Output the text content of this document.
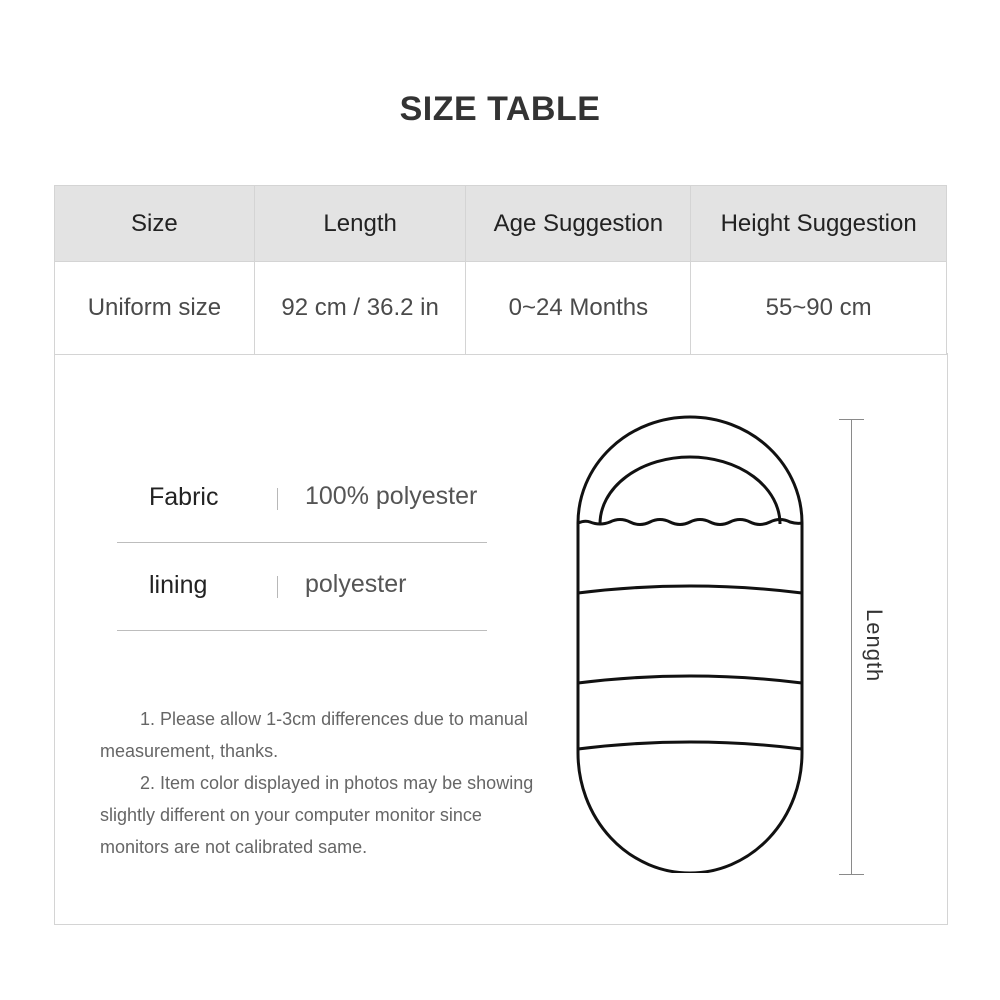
SIZE TABLE
Size	Length	Age Suggestion	Height Suggestion
Uniform size	92 cm / 36.2 in	0~24 Months	55~90 cm
Fabric	100% polyester
lining	polyester

1. Please allow 1-3cm differences due to manual measurement, thanks.

2. Item color displayed in photos may be showing slightly different on your computer monitor since monitors are not calibrated same.

Length
